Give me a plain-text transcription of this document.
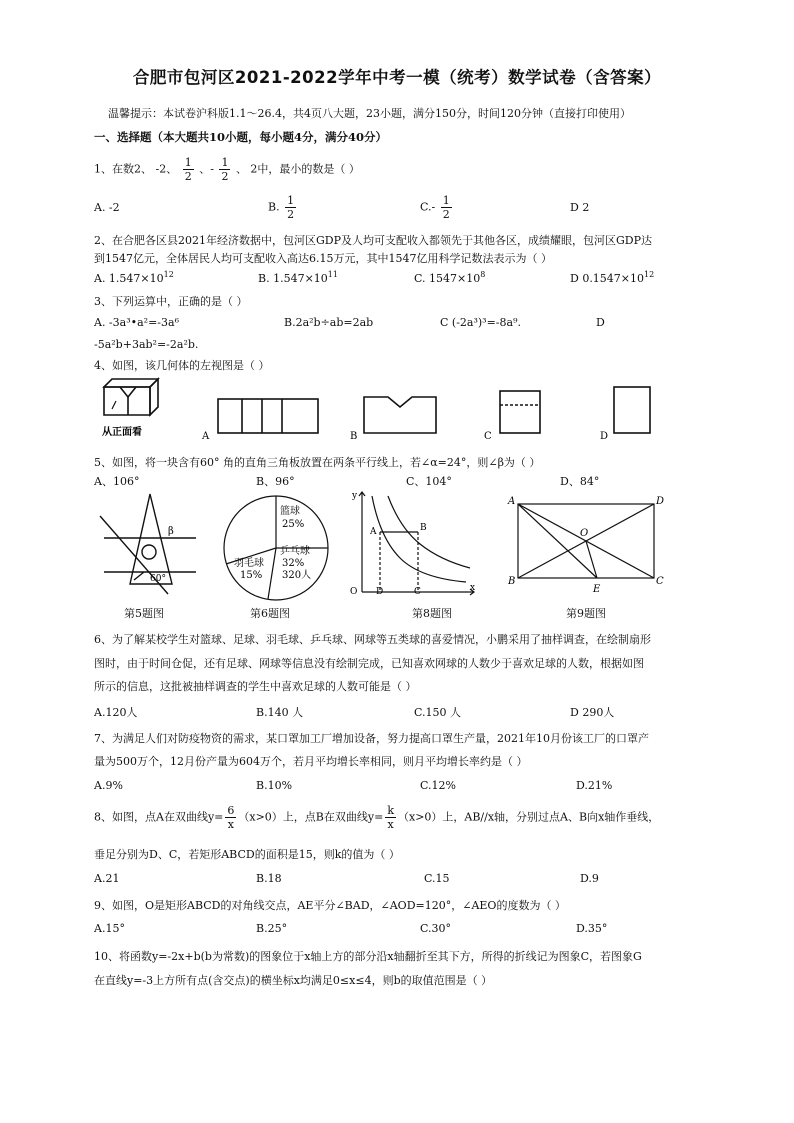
合肥市包河区2021-2022学年中考一模（统考）数学试卷（含答案）
温馨提示：本试卷沪科版1.1～26.4，共4页八大题，23小题，满分150分，时间120分钟（直接打印使用）
一、选择题（本大题共10小题，每小题4分，满分40分）
1、在数2、 -2、 $\frac{1}{2}$ 、- $\frac{1}{2}$ 、 2中，最小的数是（ ）
A. -2	B. $\frac{1}{2}$	$C.- \frac{1}{2}$	D 2
2、在合肥各区县2021年经济数据中，包河区GDP及人均可支配收入都领先于其他各区，成绩耀眼，包河区GDP达
到1547亿元，全体居民人均可支配收入高达6.15万元，其中1547亿用科学记数法表示为（ ）
A. $1.547\times 10^{12}$	B. $1.547\times 10^{11}$	C. $1547\times 10^8$	D $0.1547\times 10^{12}$
3、下列运算中，正确的是（ ）
A. -3a³•a²=-3a⁶	B.2a²b÷ab=2ab	C (-2a³)³=-8a⁹.	D
-5a²b+3ab²=-2a²b.
4、如图，该几何体的左视图是（ ）
从正面看	A	B	C	D
5、如图，将一块含有60° 角的直角三角板放置在两条平行线上，若∠α=24°，则∠β为（ ）
A、106°	B、96°	C、104°	D、84°
β
60°
篮球
25%
乒乓球
32%
320人
羽毛球
15%
y
x
O
A	B
D	C
A	D
B	C
O
E
第5题图	第6题图	第8题图	第9题图
6、为了解某校学生对篮球、足球、羽毛球、乒乓球、网球等五类球的喜爱情况，小鹏采用了抽样调查，在绘制扇形
图时，由于时间仓促，还有足球、网球等信息没有绘制完成，已知喜欢网球的人数少于喜欢足球的人数，根据如图
所示的信息，这批被抽样调查的学生中喜欢足球的人数可能是（ ）
A.120人	B.140 人	C.150 人	D 290人
7、为满足人们对防疫物资的需求，某口罩加工厂增加设备，努力提高口罩生产量，2021年10月份该工厂的口罩产
量为500万个，12月份产量为604万个，若月平均增长率相同，则月平均增长率约是（ ）
A.9%	B.10%	C.12%	D.21%
8、如图，点A在双曲线$y= \frac{6}{x} (x>0)$上，点B在双曲线$y= \frac{k}{x} (x>0)$上，AB//x轴，分别过点A、B向x轴作垂线，
垂足分别为D、C，若矩形ABCD的面积是15，则k的值为（ ）
A.21	B.18	C.15	D.9
9、如图，O是矩形ABCD的对角线交点，AE平分∠BAD，∠AOD=120°，∠AEO的度数为（ ）
A.15°	B.25°	C.30°	D.35°
10、将函数y=-2x+b(b为常数)的图象位于x轴上方的部分沿x轴翻折至其下方，所得的折线记为图象C，若图象G
在直线y=-3上方所有点(含交点)的横坐标x均满足0≤x≤4，则b的取值范围是（ ）
